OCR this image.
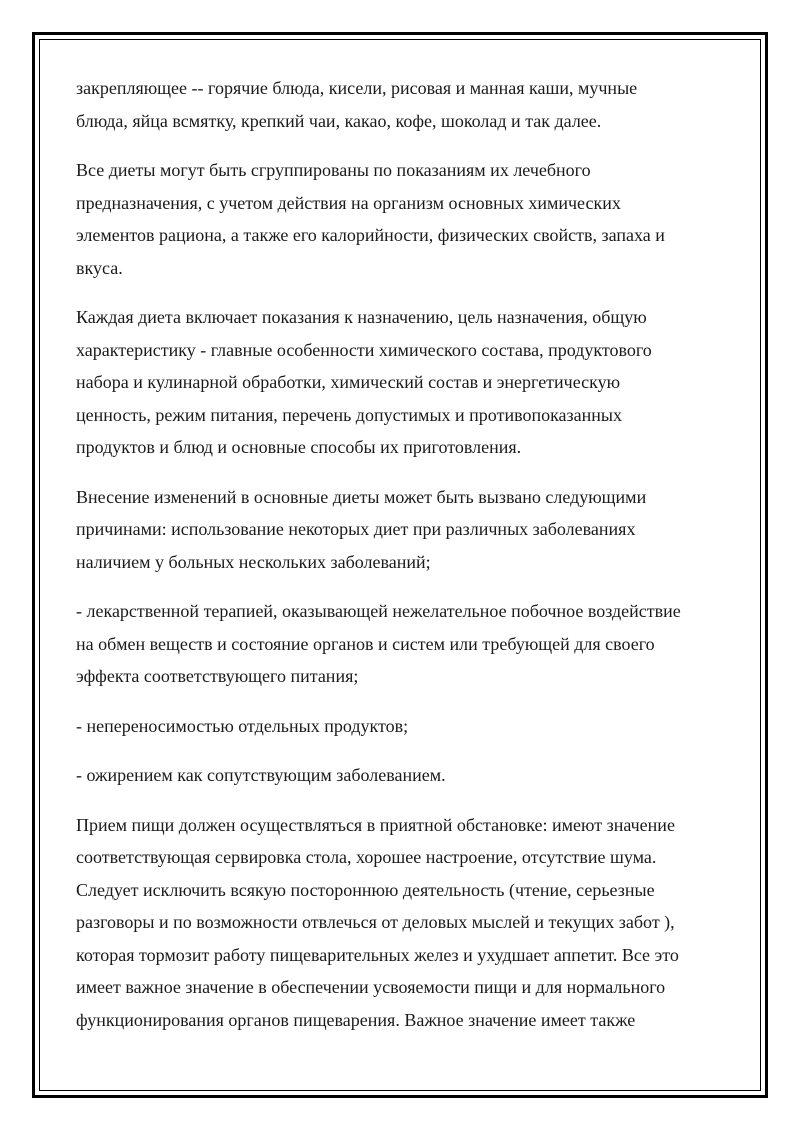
закрепляющее -- горячие блюда, кисели, рисовая и манная каши, мучные
блюда, яйца всмятку, крепкий чаи, какао, кофе, шоколад и так далее.

Все диеты могут быть сгруппированы по показаниям их лечебного
предназначения, с учетом действия на организм основных химических
элементов рациона, а также его калорийности, физических свойств, запаха и
вкуса.

Каждая диета включает показания к назначению, цель назначения, общую
характеристику - главные особенности химического состава, продуктового
набора и кулинарной обработки, химический состав и энергетическую
ценность, режим питания, перечень допустимых и противопоказанных
продуктов и блюд и основные способы их приготовления.

Внесение изменений в основные диеты может быть вызвано следующими
причинами: использование некоторых диет при различных заболеваниях
наличием у больных нескольких заболеваний;

- лекарственной терапией, оказывающей нежелательное побочное воздействие
на обмен веществ и состояние органов и систем или требующей для своего
эффекта соответствующего питания;

- непереносимостью отдельных продуктов;

- ожирением как сопутствующим заболеванием.

Прием пищи должен осуществляться в приятной обстановке: имеют значение
соответствующая сервировка стола, хорошее настроение, отсутствие шума.
Следует исключить всякую постороннюю деятельность (чтение, серьезные
разговоры и по возможности отвлечься от деловых мыслей и текущих забот ),
которая тормозит работу пищеварительных желез и ухудшает аппетит. Все это
имеет важное значение в обеспечении усвояемости пищи и для нормального
функционирования органов пищеварения. Важное значение имеет также
